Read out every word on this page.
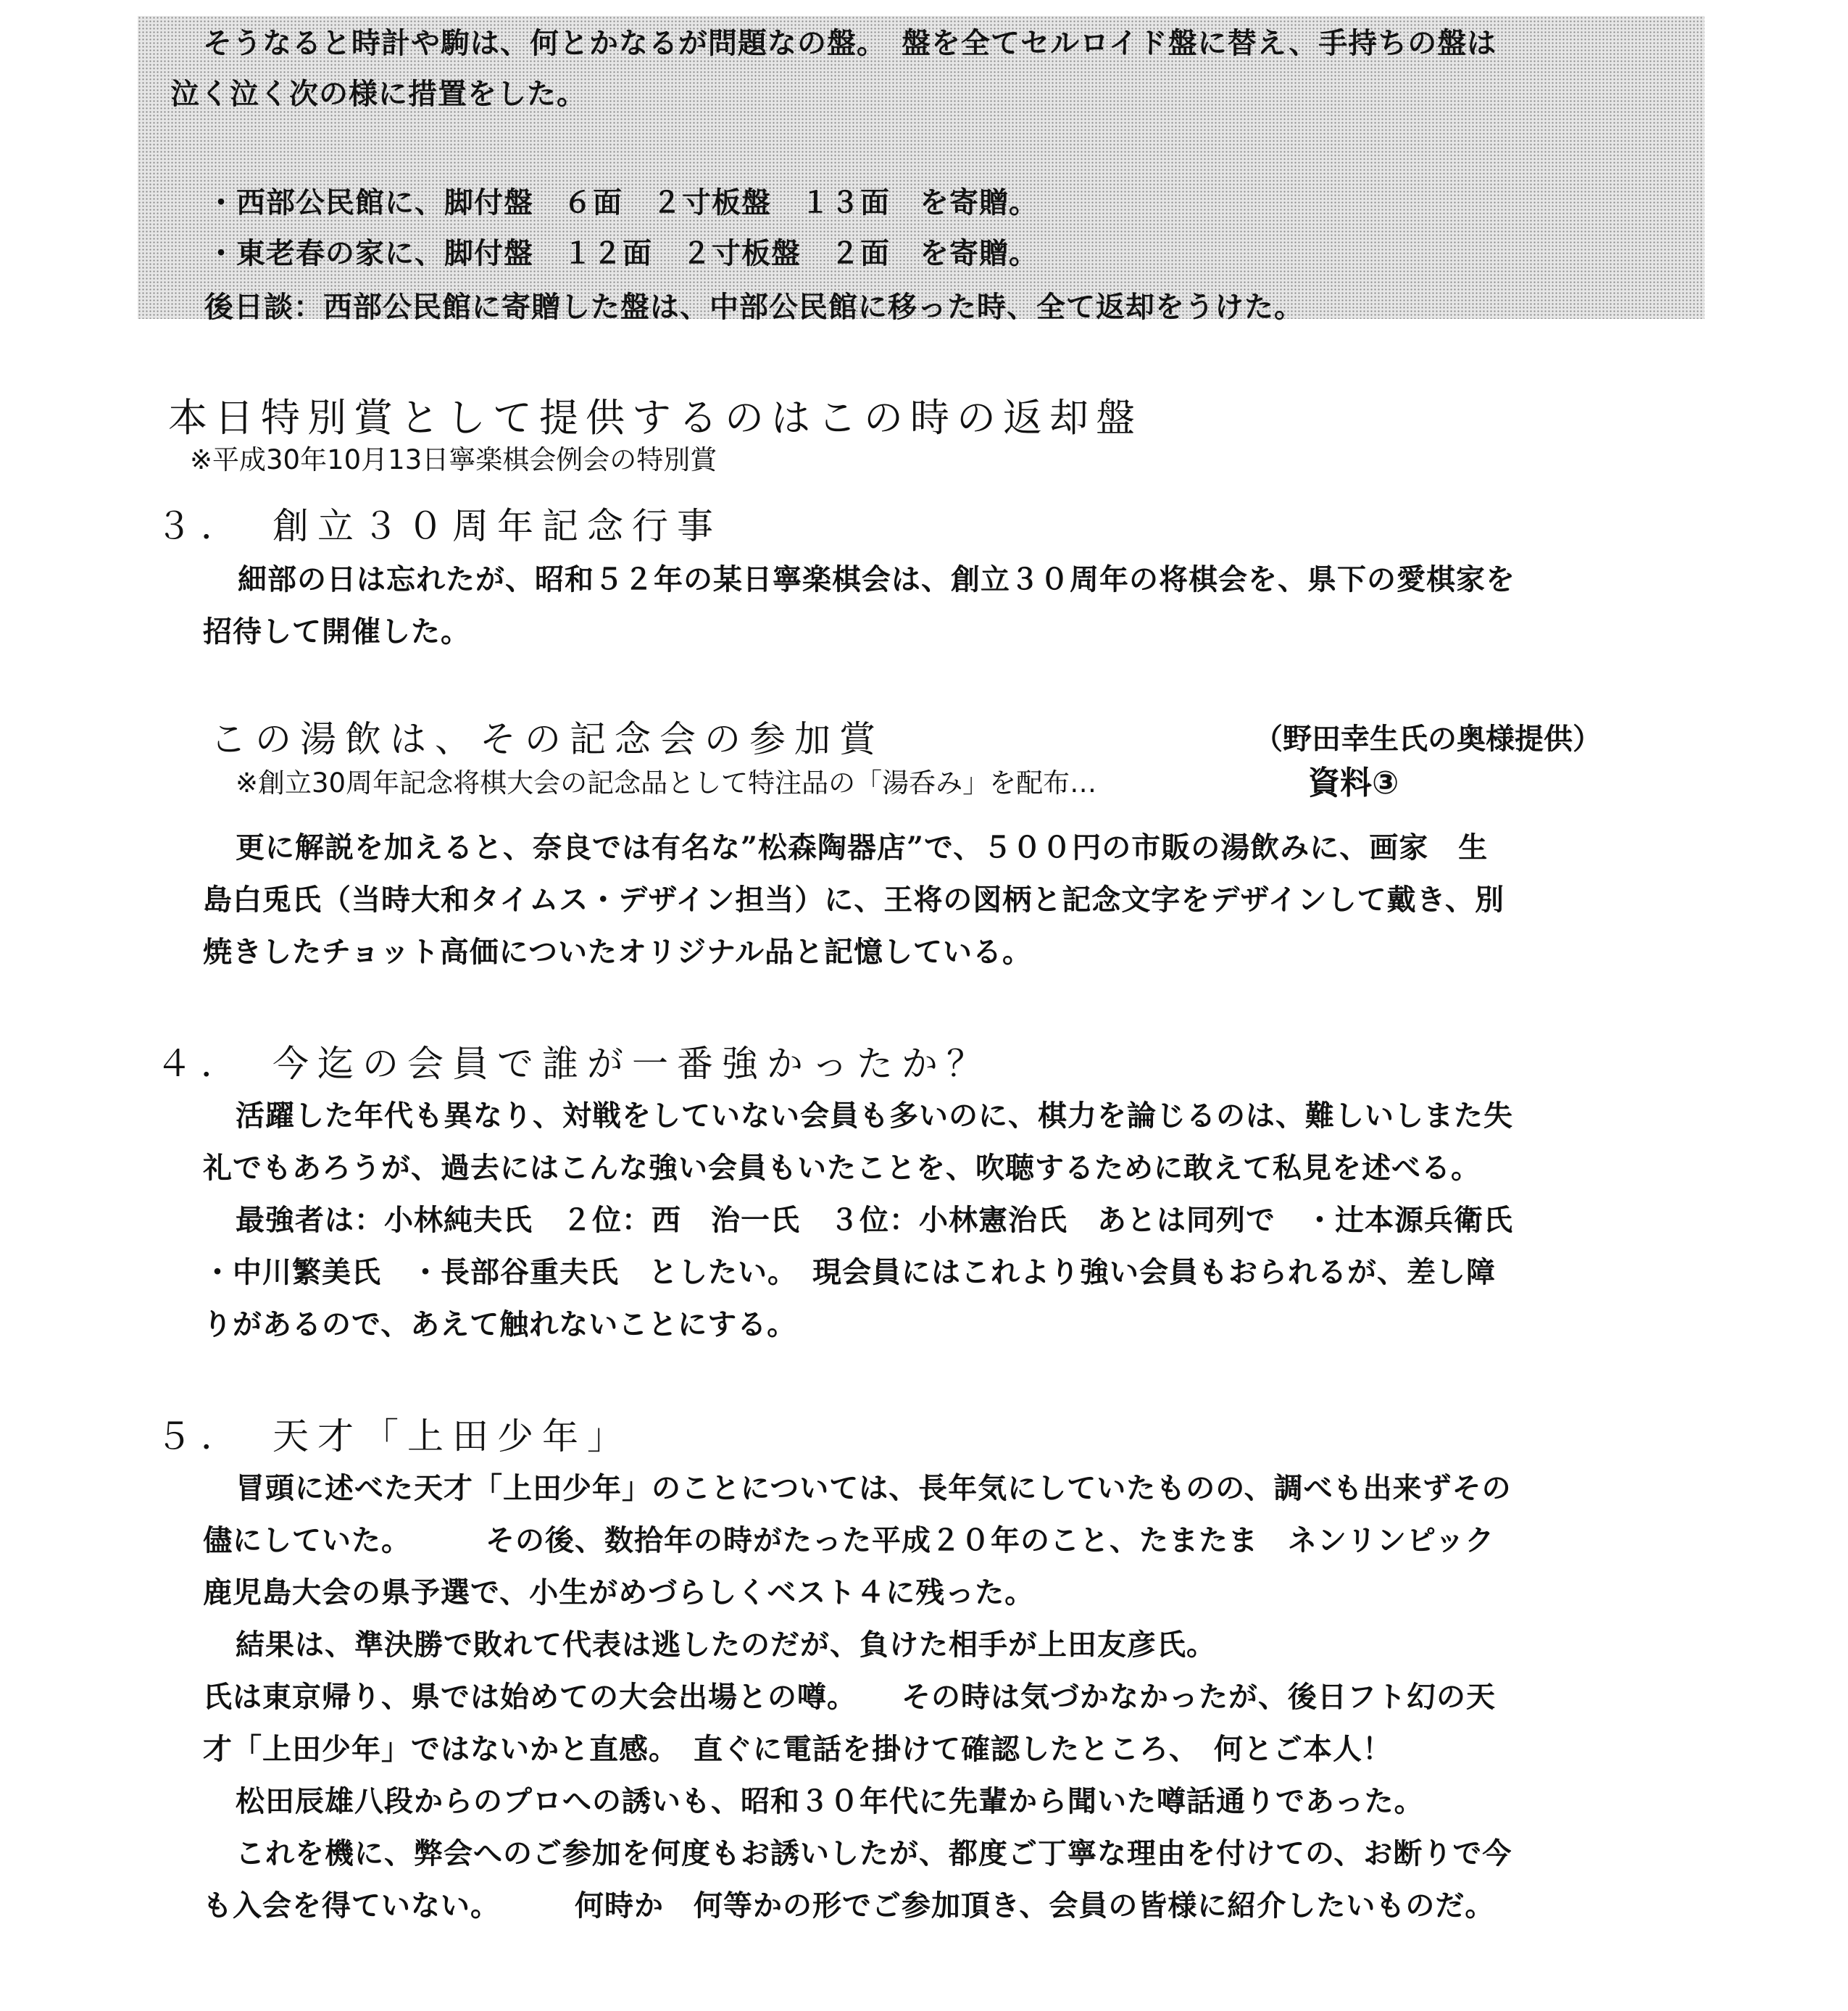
そうなると時計や駒は、何とかなるが問題なの盤。　盤を全てセルロイド盤に替え、手持ちの盤は

泣く泣く次の様に措置をした。

・西部公民館に、脚付盤　６面　２寸板盤　１３面　を寄贈。

・東老春の家に、脚付盤　１２面　２寸板盤　２面　を寄贈。

後日談：西部公民館に寄贈した盤は、中部公民館に移った時、全て返却をうけた。

本日特別賞として提供するのはこの時の返却盤

※平成30年10月13日寧楽棋会例会の特別賞

３．　創立３０周年記念行事

細部の日は忘れたが、昭和５２年の某日寧楽棋会は、創立３０周年の将棋会を、県下の愛棋家を

招待して開催した。

この湯飲は、その記念会の参加賞	（野田幸生氏の奥様提供）

※創立30周年記念将棋大会の記念品として特注品の「湯呑み」を配布…	資料③

更に解説を加えると、奈良では有名な”松森陶器店”で、５００円の市販の湯飲みに、画家　生

島白兎氏（当時大和タイムス・デザイン担当）に、王将の図柄と記念文字をデザインして戴き、別

焼きしたチョット高価についたオリジナル品と記憶している。

４．　今迄の会員で誰が一番強かったか？

活躍した年代も異なり、対戦をしていない会員も多いのに、棋力を論じるのは、難しいしまた失

礼でもあろうが、過去にはこんな強い会員もいたことを、吹聴するために敢えて私見を述べる。

最強者は：小林純夫氏　２位：西　治一氏　３位：小林憲治氏　あとは同列で　・辻本源兵衛氏

・中川繁美氏　・長部谷重夫氏　としたい。　現会員にはこれより強い会員もおられるが、差し障

りがあるので、あえて触れないことにする。

５．　天才「上田少年」

冒頭に述べた天才「上田少年」のことについては、長年気にしていたものの、調べも出来ずその

儘にしていた。　　　その後、数拾年の時がたった平成２０年のこと、たまたま　ネンリンピック

鹿児島大会の県予選で、小生がめづらしくベスト４に残った。

結果は、準決勝で敗れて代表は逃したのだが、負けた相手が上田友彦氏。

氏は東京帰り、県では始めての大会出場との噂。　　その時は気づかなかったが、後日フト幻の天

才「上田少年」ではないかと直感。　直ぐに電話を掛けて確認したところ、　何とご本人！

松田辰雄八段からのプロへの誘いも、昭和３０年代に先輩から聞いた噂話通りであった。

これを機に、弊会へのご参加を何度もお誘いしたが、都度ご丁寧な理由を付けての、お断りで今

も入会を得ていない。　　　何時か　何等かの形でご参加頂き、会員の皆様に紹介したいものだ。
